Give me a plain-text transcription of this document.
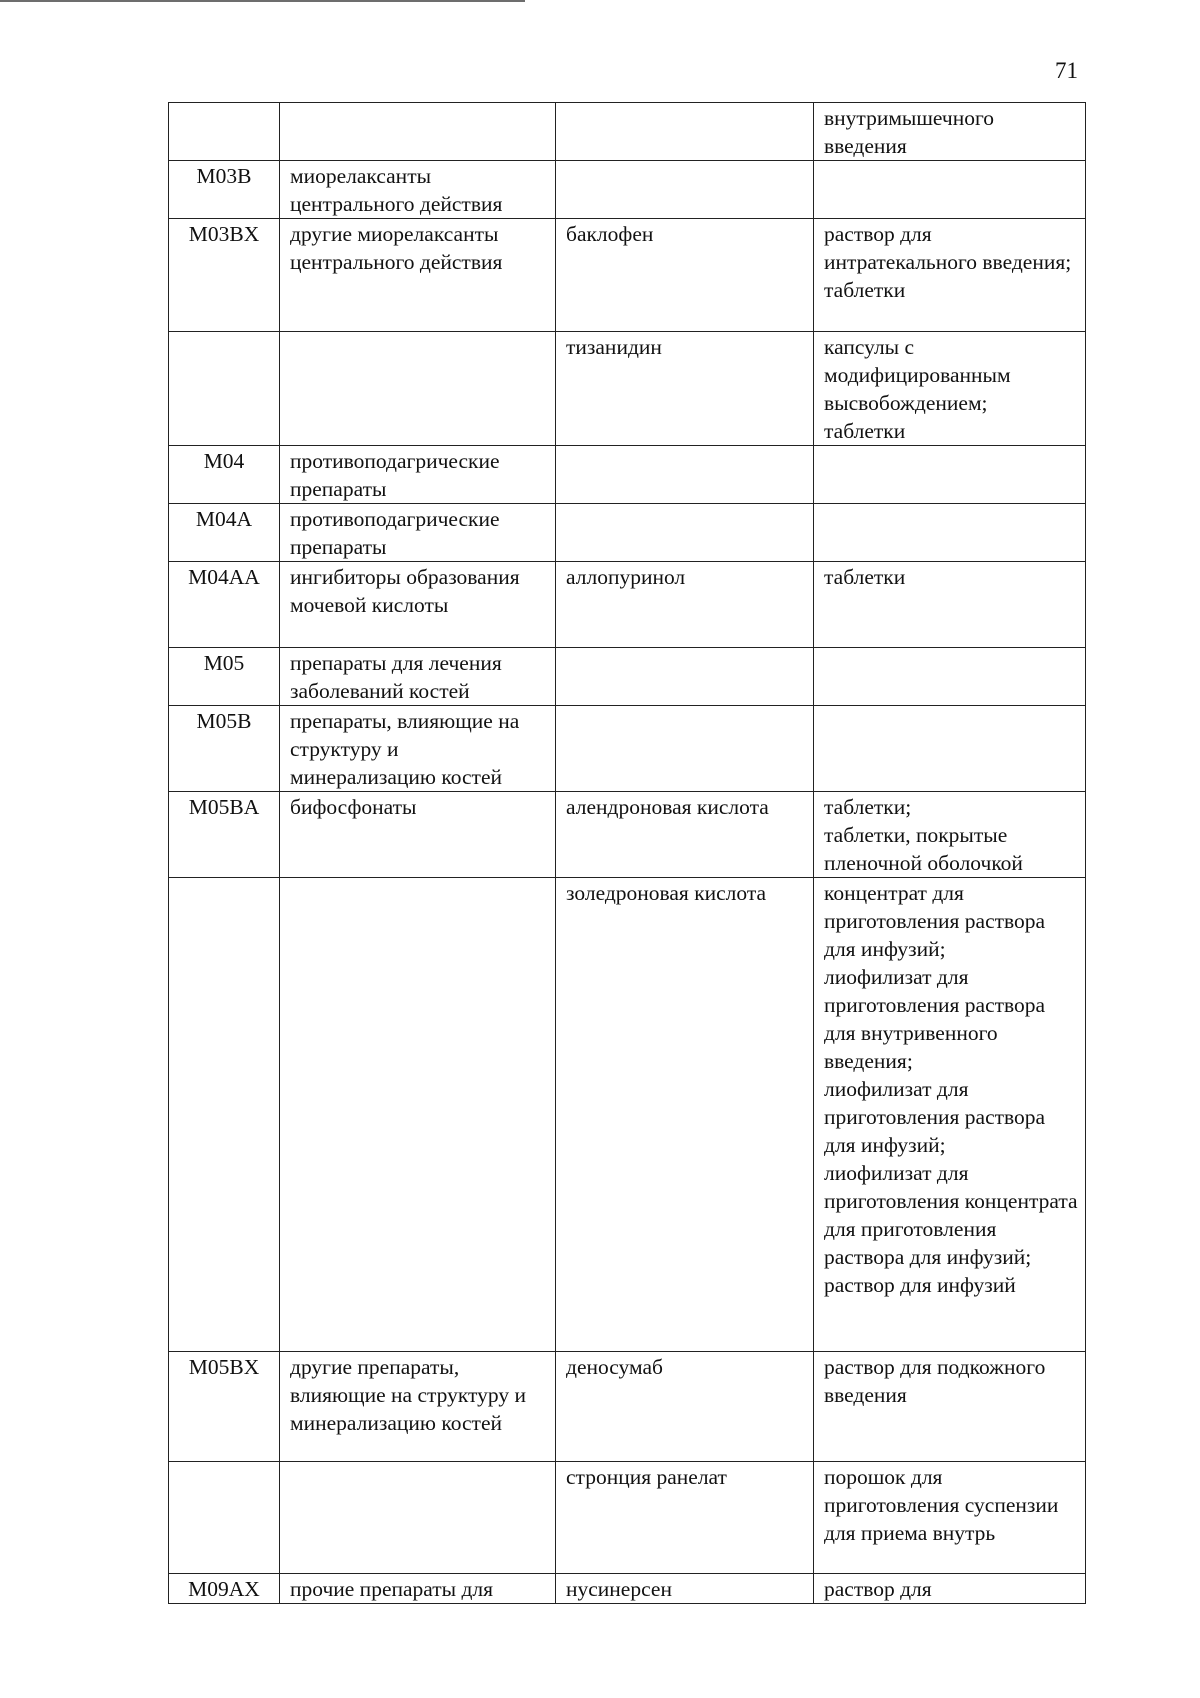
71
			внутримышечного
введения
M03B	миорелаксанты центрального действия		
M03BX	другие миорелаксанты центрального действия	баклофен	раствор для интратекального введения;
таблетки
		тизанидин	капсулы с модифицированным высвобождением;
таблетки
M04	противоподагрические препараты		
M04A	противоподагрические препараты		
M04AA	ингибиторы образования мочевой кислоты	аллопуринол	таблетки
M05	препараты для лечения заболеваний костей		
M05B	препараты, влияющие на структуру и минерализацию костей		
M05BA	бифосфонаты	алендроновая кислота	таблетки;
таблетки, покрытые пленочной оболочкой
		золедроновая кислота	концентрат для приготовления раствора для инфузий;
лиофилизат для приготовления раствора для внутривенного введения;
лиофилизат для приготовления раствора для инфузий;
лиофилизат для приготовления концентрата для приготовления раствора для инфузий;
раствор для инфузий
M05BX	другие препараты, влияющие на структуру и минерализацию костей	деносумаб	раствор для подкожного введения
		стронция ранелат	порошок для приготовления суспензии для приема внутрь
M09AX	прочие препараты для	нусинерсен	раствор для
